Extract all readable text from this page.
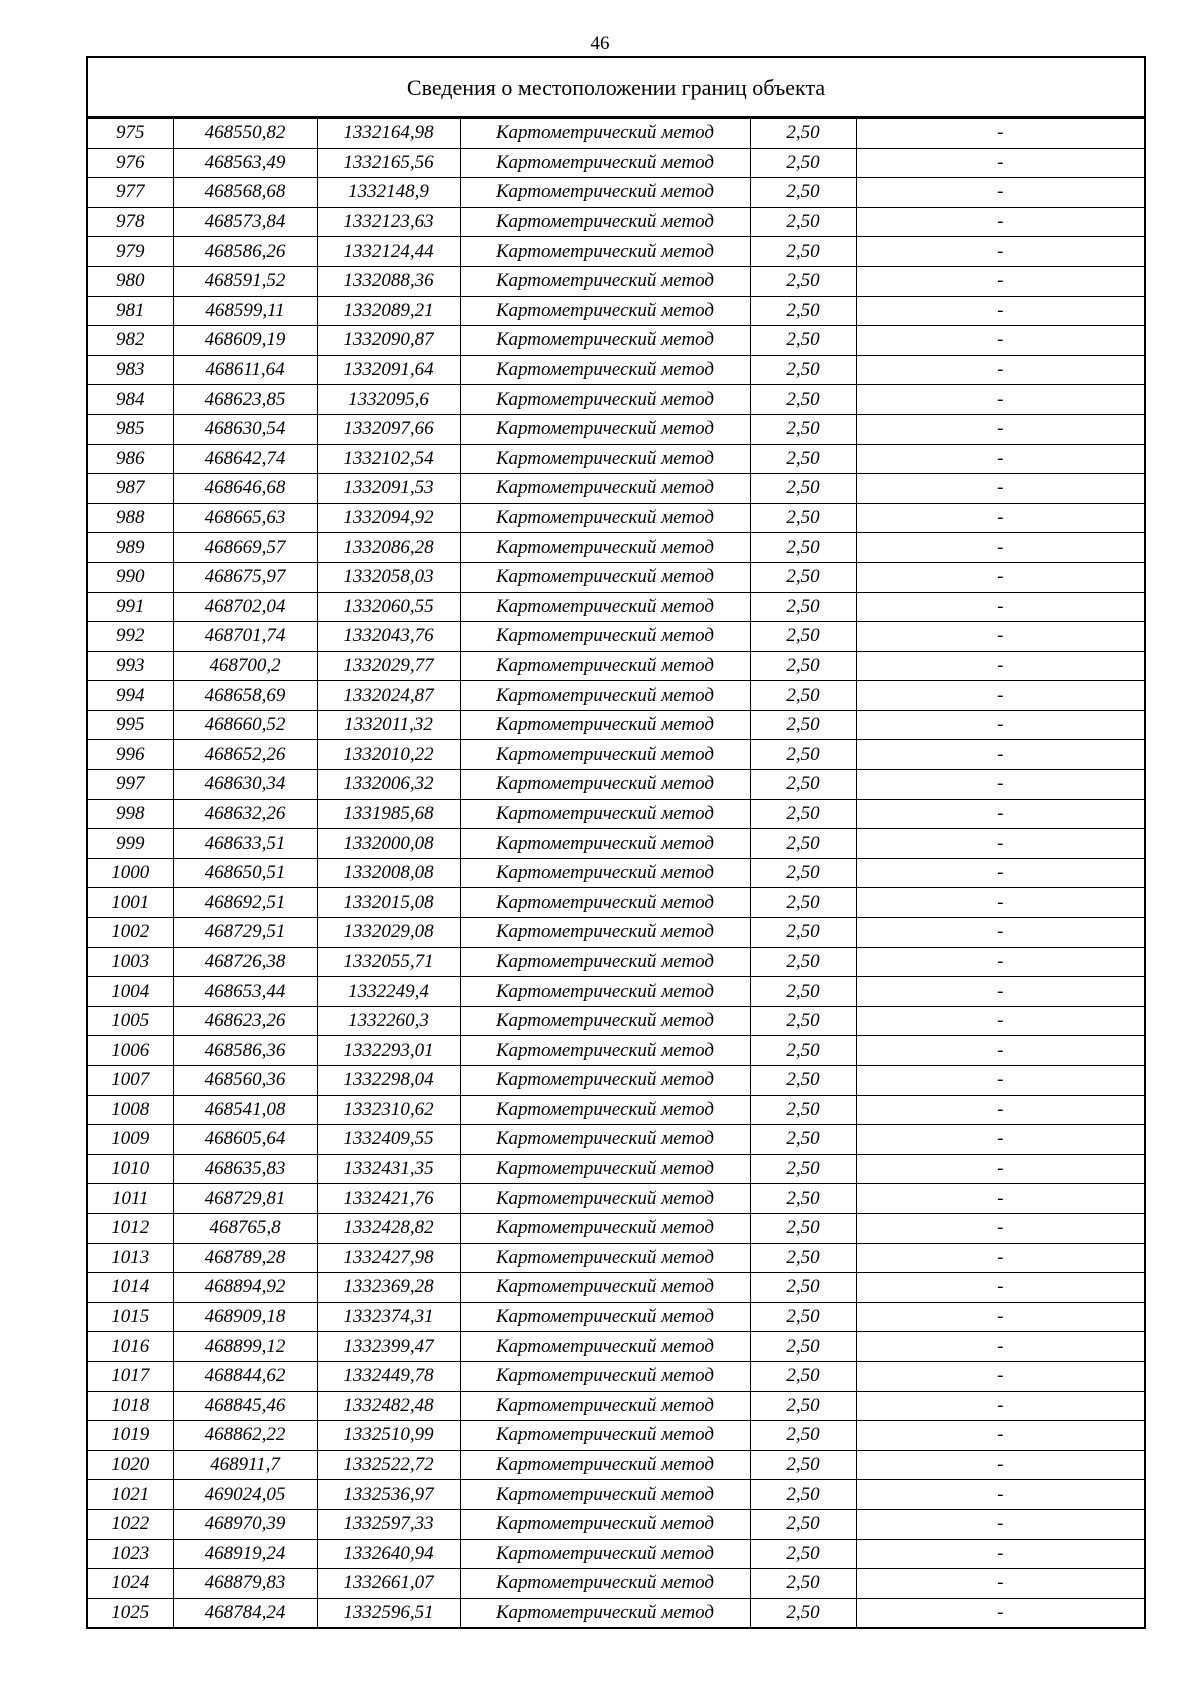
46
Сведения о местоположении границ объекта
975	468550,82	1332164,98	Картометрический метод	2,50	-
976	468563,49	1332165,56	Картометрический метод	2,50	-
977	468568,68	1332148,9	Картометрический метод	2,50	-
978	468573,84	1332123,63	Картометрический метод	2,50	-
979	468586,26	1332124,44	Картометрический метод	2,50	-
980	468591,52	1332088,36	Картометрический метод	2,50	-
981	468599,11	1332089,21	Картометрический метод	2,50	-
982	468609,19	1332090,87	Картометрический метод	2,50	-
983	468611,64	1332091,64	Картометрический метод	2,50	-
984	468623,85	1332095,6	Картометрический метод	2,50	-
985	468630,54	1332097,66	Картометрический метод	2,50	-
986	468642,74	1332102,54	Картометрический метод	2,50	-
987	468646,68	1332091,53	Картометрический метод	2,50	-
988	468665,63	1332094,92	Картометрический метод	2,50	-
989	468669,57	1332086,28	Картометрический метод	2,50	-
990	468675,97	1332058,03	Картометрический метод	2,50	-
991	468702,04	1332060,55	Картометрический метод	2,50	-
992	468701,74	1332043,76	Картометрический метод	2,50	-
993	468700,2	1332029,77	Картометрический метод	2,50	-
994	468658,69	1332024,87	Картометрический метод	2,50	-
995	468660,52	1332011,32	Картометрический метод	2,50	-
996	468652,26	1332010,22	Картометрический метод	2,50	-
997	468630,34	1332006,32	Картометрический метод	2,50	-
998	468632,26	1331985,68	Картометрический метод	2,50	-
999	468633,51	1332000,08	Картометрический метод	2,50	-
1000	468650,51	1332008,08	Картометрический метод	2,50	-
1001	468692,51	1332015,08	Картометрический метод	2,50	-
1002	468729,51	1332029,08	Картометрический метод	2,50	-
1003	468726,38	1332055,71	Картометрический метод	2,50	-
1004	468653,44	1332249,4	Картометрический метод	2,50	-
1005	468623,26	1332260,3	Картометрический метод	2,50	-
1006	468586,36	1332293,01	Картометрический метод	2,50	-
1007	468560,36	1332298,04	Картометрический метод	2,50	-
1008	468541,08	1332310,62	Картометрический метод	2,50	-
1009	468605,64	1332409,55	Картометрический метод	2,50	-
1010	468635,83	1332431,35	Картометрический метод	2,50	-
1011	468729,81	1332421,76	Картометрический метод	2,50	-
1012	468765,8	1332428,82	Картометрический метод	2,50	-
1013	468789,28	1332427,98	Картометрический метод	2,50	-
1014	468894,92	1332369,28	Картометрический метод	2,50	-
1015	468909,18	1332374,31	Картометрический метод	2,50	-
1016	468899,12	1332399,47	Картометрический метод	2,50	-
1017	468844,62	1332449,78	Картометрический метод	2,50	-
1018	468845,46	1332482,48	Картометрический метод	2,50	-
1019	468862,22	1332510,99	Картометрический метод	2,50	-
1020	468911,7	1332522,72	Картометрический метод	2,50	-
1021	469024,05	1332536,97	Картометрический метод	2,50	-
1022	468970,39	1332597,33	Картометрический метод	2,50	-
1023	468919,24	1332640,94	Картометрический метод	2,50	-
1024	468879,83	1332661,07	Картометрический метод	2,50	-
1025	468784,24	1332596,51	Картометрический метод	2,50	-
